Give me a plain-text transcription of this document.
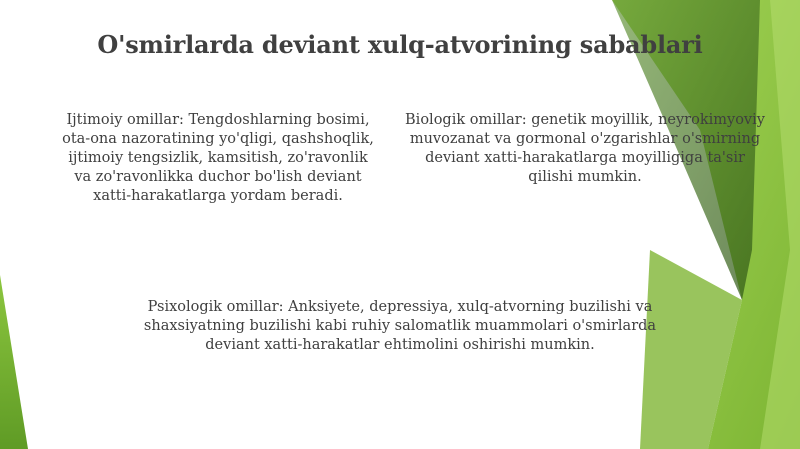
O'smirlarda deviant xulq-atvorining sabablari

Ijtimoiy omillar: Tengdoshlarning bosimi, ota-ona nazoratining yo'qligi, qashshoqlik, ijtimoiy tengsizlik, kamsitish, zo'ravonlik va zo'ravonlikka duchor bo'lish deviant xatti-harakatlarga yordam beradi.

Biologik omillar: genetik moyillik, neyrokimyoviy muvozanat va gormonal o'zgarishlar o'smirning deviant xatti-harakatlarga moyilligiga ta'sir qilishi mumkin.

Psixologik omillar: Anksiyete, depressiya, xulq-atvorning buzilishi va shaxsiyatning buzilishi kabi ruhiy salomatlik muammolari o'smirlarda deviant xatti-harakatlar ehtimolini oshirishi mumkin.
